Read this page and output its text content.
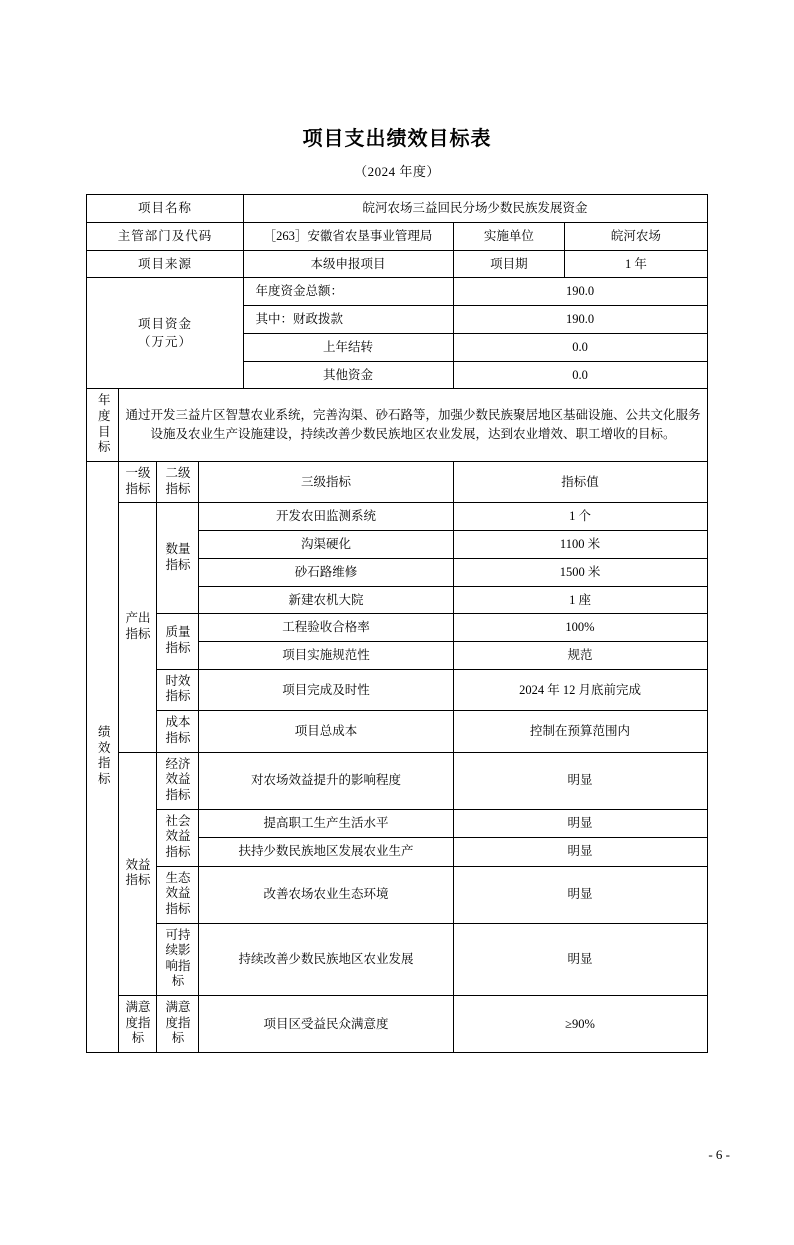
项目支出绩效目标表
（2024 年度）
项目名称	皖河农场三益回民分场少数民族发展资金
主管部门及代码	［263］安徽省农垦事业管理局		实施单位	皖河农场

项目来源	本级申报项目		项目期	1 年

项目资金
（万元）
	年度资金总额：	190.0
其中：财政拨款	190.0
上年结转	0.0
其他资金	0.0
年度目标	通过开发三益片区智慧农业系统，完善沟渠、砂石路等，加强少数民族聚居地区基础设施、公共文化服务设施及农业生产设施建设，持续改善少数民族地区农业发展，达到农业增效、职工增收的目标。
绩效指标	一级指标	二级指标	三级指标	指标值
产出指标	数量指标	开发农田监测系统	1 个
沟渠硬化	1100 米
砂石路维修	1500 米
新建农机大院	1 座
质量指标	工程验收合格率	100%
项目实施规范性	规范
时效指标	项目完成及时性	2024 年 12 月底前完成
成本指标	项目总成本	控制在预算范围内
效益指标	经济效益指标	对农场效益提升的影响程度	明显
社会效益指标	提高职工生产生活水平	明显
扶持少数民族地区发展农业生产	明显
生态效益指标	改善农场农业生态环境	明显
可持续影响指标	持续改善少数民族地区农业发展	明显
满意度指标	满意度指标	项目区受益民众满意度	≥90%
- 6 -
